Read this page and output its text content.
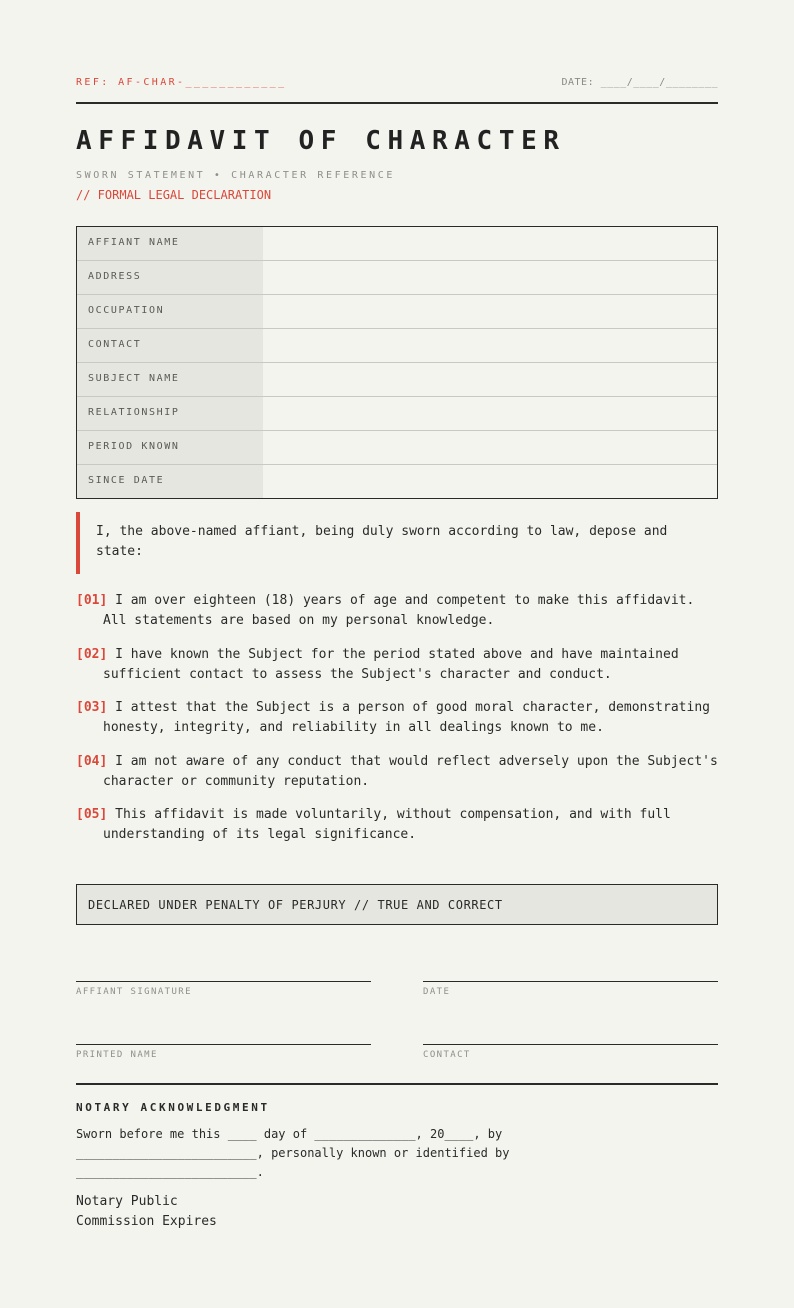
REF: AF-CHAR-____________	DATE: ____/____/________
AFFIDAVIT OF CHARACTER
SWORN STATEMENT • CHARACTER REFERENCE
// FORMAL LEGAL DECLARATION
AFFIANT NAME
ADDRESS
OCCUPATION
CONTACT
SUBJECT NAME
RELATIONSHIP
PERIOD KNOWN
SINCE DATE

I, the above-named affiant, being duly sworn according to law, depose and state:

[01] I am over eighteen (18) years of age and competent to make this affidavit. All statements are based on my personal knowledge.
[02] I have known the Subject for the period stated above and have maintained sufficient contact to assess the Subject's character and conduct.
[03] I attest that the Subject is a person of good moral character, demonstrating honesty, integrity, and reliability in all dealings known to me.
[04] I am not aware of any conduct that would reflect adversely upon the Subject's character or community reputation.
[05] This affidavit is made voluntarily, without compensation, and with full understanding of its legal significance.
DECLARED UNDER PENALTY OF PERJURY // TRUE AND CORRECT
AFFIANT SIGNATURE	DATE
PRINTED NAME	CONTACT
NOTARY ACKNOWLEDGMENT

Sworn before me this ____ day of ______________, 20____, by _________________________, personally known or identified by _________________________.

Notary Public
Commission Expires
